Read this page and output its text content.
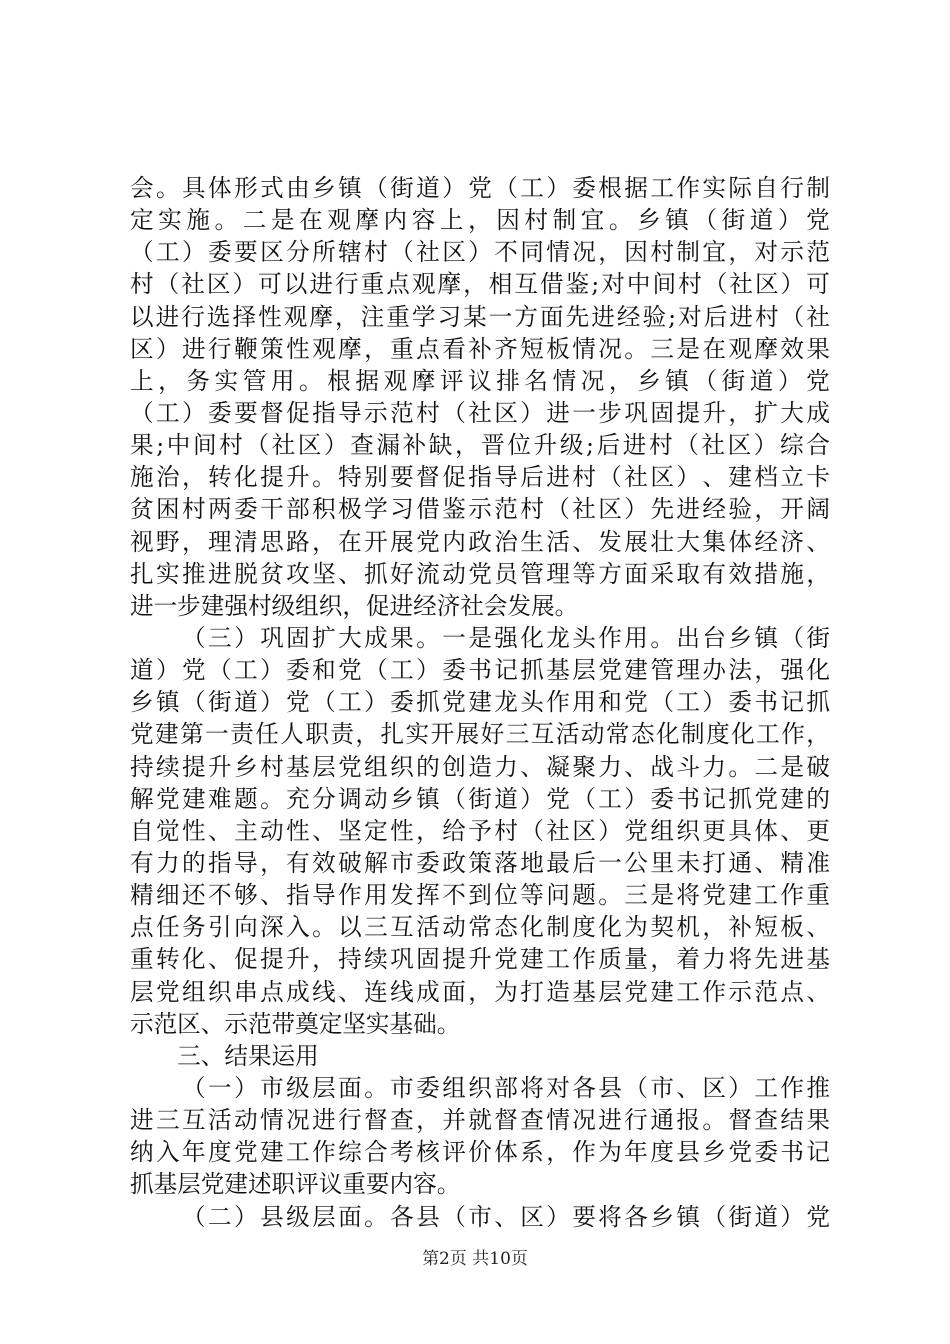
会 。 具 体 形 式 由 乡 镇 （ 街 道 ） 党 （ 工 ） 委 根 据 工 作 实 际 自 行 制
定 实 施 。 二 是 在 观 摩 内 容 上 ， 因 村 制 宜 。 乡 镇 （ 街 道 ） 党
（ 工 ） 委 要 区 分 所 辖 村 （ 社 区 ） 不 同 情 况 ， 因 村 制 宜 ， 对 示 范
村 （ 社 区 ） 可 以 进 行 重 点 观 摩 ， 相 互 借 鉴 ; 对 中 间 村 （ 社 区 ） 可
以 进 行 选 择 性 观 摩 ， 注 重 学 习 某 一 方 面 先 进 经 验 ; 对 后 进 村 （ 社
区 ） 进 行 鞭 策 性 观 摩 ， 重 点 看 补 齐 短 板 情 况 。 三 是 在 观 摩 效 果
上 ， 务 实 管 用 。 根 据 观 摩 评 议 排 名 情 况 ， 乡 镇 （ 街 道 ） 党
（ 工 ） 委 要 督 促 指 导 示 范 村 （ 社 区 ） 进 一 步 巩 固 提 升 ， 扩 大 成
果 ; 中 间 村 （ 社 区 ） 查 漏 补 缺 ， 晋 位 升 级 ; 后 进 村 （ 社 区 ） 综 合
施 治 ， 转 化 提 升 。 特 别 要 督 促 指 导 后 进 村 （ 社 区 ） 、 建 档 立 卡
贫 困 村 两 委 干 部 积 极 学 习 借 鉴 示 范 村 （ 社 区 ） 先 进 经 验 ， 开 阔
视 野 ， 理 清 思 路 ， 在 开 展 党 内 政 治 生 活 、 发 展 壮 大 集 体 经 济 、
扎 实 推 进 脱 贫 攻 坚 、 抓 好 流 动 党 员 管 理 等 方 面 采 取 有 效 措 施 ，
进一步建强村级组织，促进经济社会发展。

（ 三 ） 巩 固 扩 大 成 果 。 一 是 强 化 龙 头 作 用 。 出 台 乡 镇 （ 街
道 ） 党 （ 工 ） 委 和 党 （ 工 ） 委 书 记 抓 基 层 党 建 管 理 办 法 ， 强 化
乡 镇 （ 街 道 ） 党 （ 工 ） 委 抓 党 建 龙 头 作 用 和 党 （ 工 ） 委 书 记 抓
党 建 第 一 责 任 人 职 责 ， 扎 实 开 展 好 三 互 活 动 常 态 化 制 度 化 工 作 ，
持 续 提 升 乡 村 基 层 党 组 织 的 创 造 力 、 凝 聚 力 、 战 斗 力 。 二 是 破
解 党 建 难 题 。 充 分 调 动 乡 镇 （ 街 道 ） 党 （ 工 ） 委 书 记 抓 党 建 的
自 觉 性 、 主 动 性 、 坚 定 性 ， 给 予 村 （ 社 区 ） 党 组 织 更 具 体 、 更
有 力 的 指 导 ， 有 效 破 解 市 委 政 策 落 地 最 后 一 公 里 未 打 通 、 精 准
精 细 还 不 够 、 指 导 作 用 发 挥 不 到 位 等 问 题 。 三 是 将 党 建 工 作 重
点 任 务 引 向 深 入 。 以 三 互 活 动 常 态 化 制 度 化 为 契 机 ， 补 短 板 、
重 转 化 、 促 提 升 ， 持 续 巩 固 提 升 党 建 工 作 质 量 ， 着 力 将 先 进 基
层 党 组 织 串 点 成 线 、 连 线 成 面 ， 为 打 造 基 层 党 建 工 作 示 范 点 、
示范区、示范带奠定坚实基础。
　　三、结果运用

（ 一 ） 市 级 层 面 。 市 委 组 织 部 将 对 各 县 （ 市 、 区 ） 工 作 推
进 三 互 活 动 情 况 进 行 督 查 ， 并 就 督 查 情 况 进 行 通 报 。 督 查 结 果
纳 入 年 度 党 建 工 作 综 合 考 核 评 价 体 系 ， 作 为 年 度 县 乡 党 委 书 记
抓基层党建述职评议重要内容。

（ 二 ） 县 级 层 面 。 各 县 （ 市 、 区 ） 要 将 各 乡 镇 （ 街 道 ） 党
第2页 共10页
